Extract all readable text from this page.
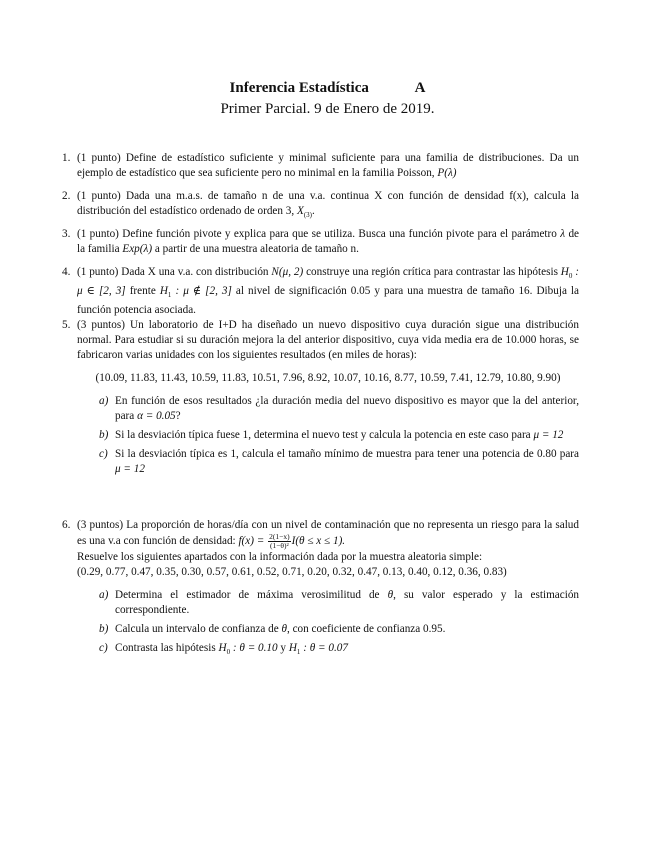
Inferencia Estadística	A
Primer Parcial. 9 de Enero de 2019.
1. (1 punto) Define de estadístico suficiente y minimal suficiente para una familia de distribuciones. Da un ejemplo de estadístico que sea suficiente pero no minimal en la familia Poisson, P(λ)

2. (1 punto) Dada una m.a.s. de tamaño n de una v.a. continua X con función de densidad f(x), calcula la distribución del estadístico ordenado de orden 3, $X_{(3)}$.

3. (1 punto) Define función pivote y explica para que se utiliza. Busca una función pivote para el parámetro λ de la familia Exp(λ) a partir de una muestra aleatoria de tamaño n.

4. (1 punto) Dada X una v.a. con distribución N(μ, 2) construye una región crítica para contrastar las hipótesis $H_0$ : μ ∈ [2, 3] frente $H_1$ : μ ∉ [2, 3] al nivel de significación 0.05 y para una muestra de tamaño 16. Dibuja la función potencia asociada.

5. (3 puntos) Un laboratorio de I+D ha diseñado un nuevo dispositivo cuya duración sigue una distribución normal. Para estudiar si su duración mejora la del anterior dispositivo, cuya vida media era de 10.000 horas, se fabricaron varias unidades con los siguientes resultados (en miles de horas):

(10.09, 11.83, 11.43, 10.59, 11.83, 10.51, 7.96, 8.92, 10.07, 10.16, 8.77, 10.59, 7.41, 12.79, 10.80, 9.90)
a) En función de esos resultados ¿la duración media del nuevo dispositivo es mayor que la del anterior, para α = 0.05?
b) Si la desviación típica fuese 1, determina el nuevo test y calcula la potencia en este caso para μ = 12
c) Si la desviación típica es 1, calcula el tamaño mínimo de muestra para tener una potencia de 0.80 para μ = 12
6. (3 puntos) La proporción de horas/día con un nivel de contaminación que no representa un riesgo para la salud es una v.a con función de densidad: $f(x) = \frac{2(1-x)}{\text{(1−θ)²}} I(\theta \le x \le 1)$.

Resuelve los siguientes apartados con la información dada por la muestra aleatoria simple:

(0.29, 0.77, 0.47, 0.35, 0.30, 0.57, 0.61, 0.52, 0.71, 0.20, 0.32, 0.47, 0.13, 0.40, 0.12, 0.36, 0.83)

a) Determina el estimador de máxima verosimilitud de θ, su valor esperado y la estimación correspondiente.
b) Calcula un intervalo de confianza de θ, con coeficiente de confianza 0.95.
c) Contrasta las hipótesis $H_0$ : θ = 0.10 y $H_1$ : θ = 0.07
